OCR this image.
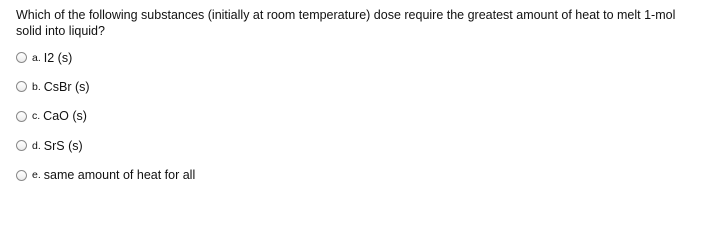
Which of the following substances (initially at room temperature) dose require the greatest amount of heat to melt 1-mol solid into liquid?
a. I2 (s)
b. CsBr (s)
c. CaO (s)
d. SrS (s)
e. same amount of heat for all
